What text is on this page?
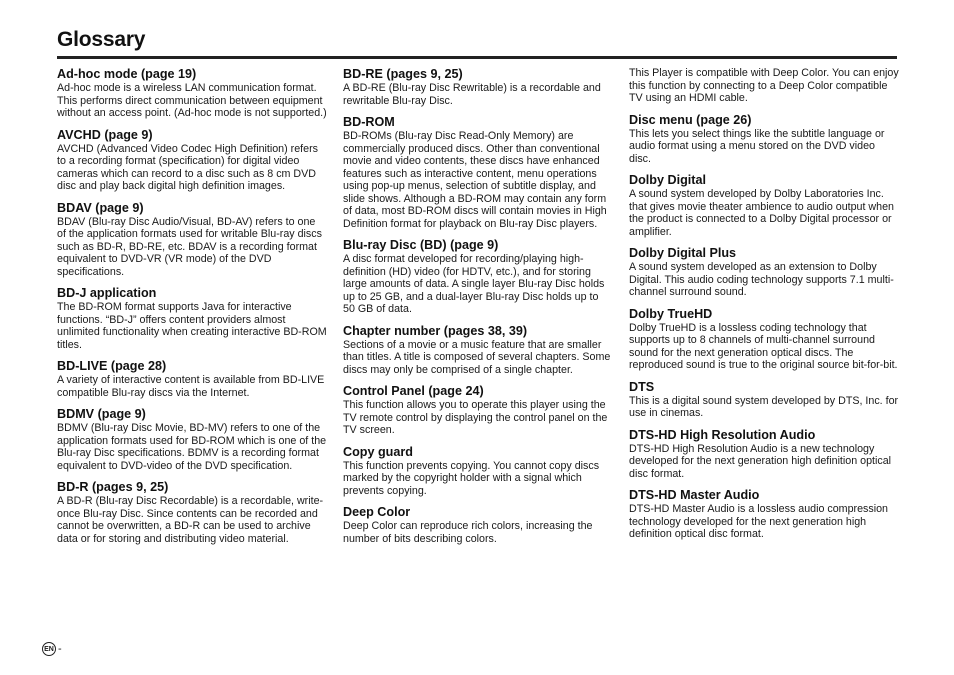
Glossary
Ad-hoc mode (page 19)
Ad-hoc mode is a wireless LAN communication format. This performs direct communication between equipment without an access point. (Ad-hoc mode is not supported.)
AVCHD (page 9)
AVCHD (Advanced Video Codec High Definition) refers to a recording format (specification) for digital video cameras which can record to a disc such as 8 cm DVD disc and play back digital high definition images.
BDAV (page 9)
BDAV (Blu-ray Disc Audio/Visual, BD-AV) refers to one of the application formats used for writable Blu-ray discs such as BD-R, BD-RE, etc. BDAV is a recording format equivalent to DVD-VR (VR mode) of the DVD specifications.
BD-J application
The BD-ROM format supports Java for interactive functions. “BD-J” offers content providers almost unlimited functionality when creating interactive BD-ROM titles.
BD-LIVE (page 28)
A variety of interactive content is available from BD-LIVE compatible Blu-ray discs via the Internet.
BDMV (page 9)
BDMV (Blu-ray Disc Movie, BD-MV) refers to one of the application formats used for BD-ROM which is one of the Blu-ray Disc specifications. BDMV is a recording format equivalent to DVD-video of the DVD specification.
BD-R (pages 9, 25)
A BD-R (Blu-ray Disc Recordable) is a recordable, write-once Blu-ray Disc. Since contents can be recorded and cannot be overwritten, a BD-R can be used to archive data or for storing and distributing video material.
BD-RE (pages 9, 25)
A BD-RE (Blu-ray Disc Rewritable) is a recordable and rewritable Blu-ray Disc.
BD-ROM
BD-ROMs (Blu-ray Disc Read-Only Memory) are commercially produced discs. Other than conventional movie and video contents, these discs have enhanced features such as interactive content, menu operations using pop-up menus, selection of subtitle display, and slide shows. Although a BD-ROM may contain any form of data, most BD-ROM discs will contain movies in High Definition format for playback on Blu-ray Disc players.
Blu-ray Disc (BD) (page 9)
A disc format developed for recording/playing high-definition (HD) video (for HDTV, etc.), and for storing large amounts of data. A single layer Blu-ray Disc holds up to 25 GB, and a dual-layer Blu-ray Disc holds up to 50 GB of data.
Chapter number (pages 38, 39)
Sections of a movie or a music feature that are smaller than titles. A title is composed of several chapters. Some discs may only be comprised of a single chapter.
Control Panel (page 24)
This function allows you to operate this player using the TV remote control by displaying the control panel on the TV screen.
Copy guard
This function prevents copying. You cannot copy discs marked by the copyright holder with a signal which prevents copying.
Deep Color
Deep Color can reproduce rich colors, increasing the number of bits describing colors.
This Player is compatible with Deep Color. You can enjoy this function by connecting to a Deep Color compatible TV using an HDMI cable.
Disc menu (page 26)
This lets you select things like the subtitle language or audio format using a menu stored on the DVD video disc.
Dolby Digital
A sound system developed by Dolby Laboratories Inc. that gives movie theater ambience to audio output when the product is connected to a Dolby Digital processor or amplifier.
Dolby Digital Plus
A sound system developed as an extension to Dolby Digital. This audio coding technology supports 7.1 multi-channel surround sound.
Dolby TrueHD
Dolby TrueHD is a lossless coding technology that supports up to 8 channels of multi-channel surround sound for the next generation optical discs. The reproduced sound is true to the original source bit-for-bit.
DTS
This is a digital sound system developed by DTS, Inc. for use in cinemas.
DTS-HD High Resolution Audio
DTS-HD High Resolution Audio is a new technology developed for the next generation high definition optical disc format.
DTS-HD Master Audio
DTS-HD Master Audio is a lossless audio compression technology developed for the next generation high definition optical disc format.
EN -
